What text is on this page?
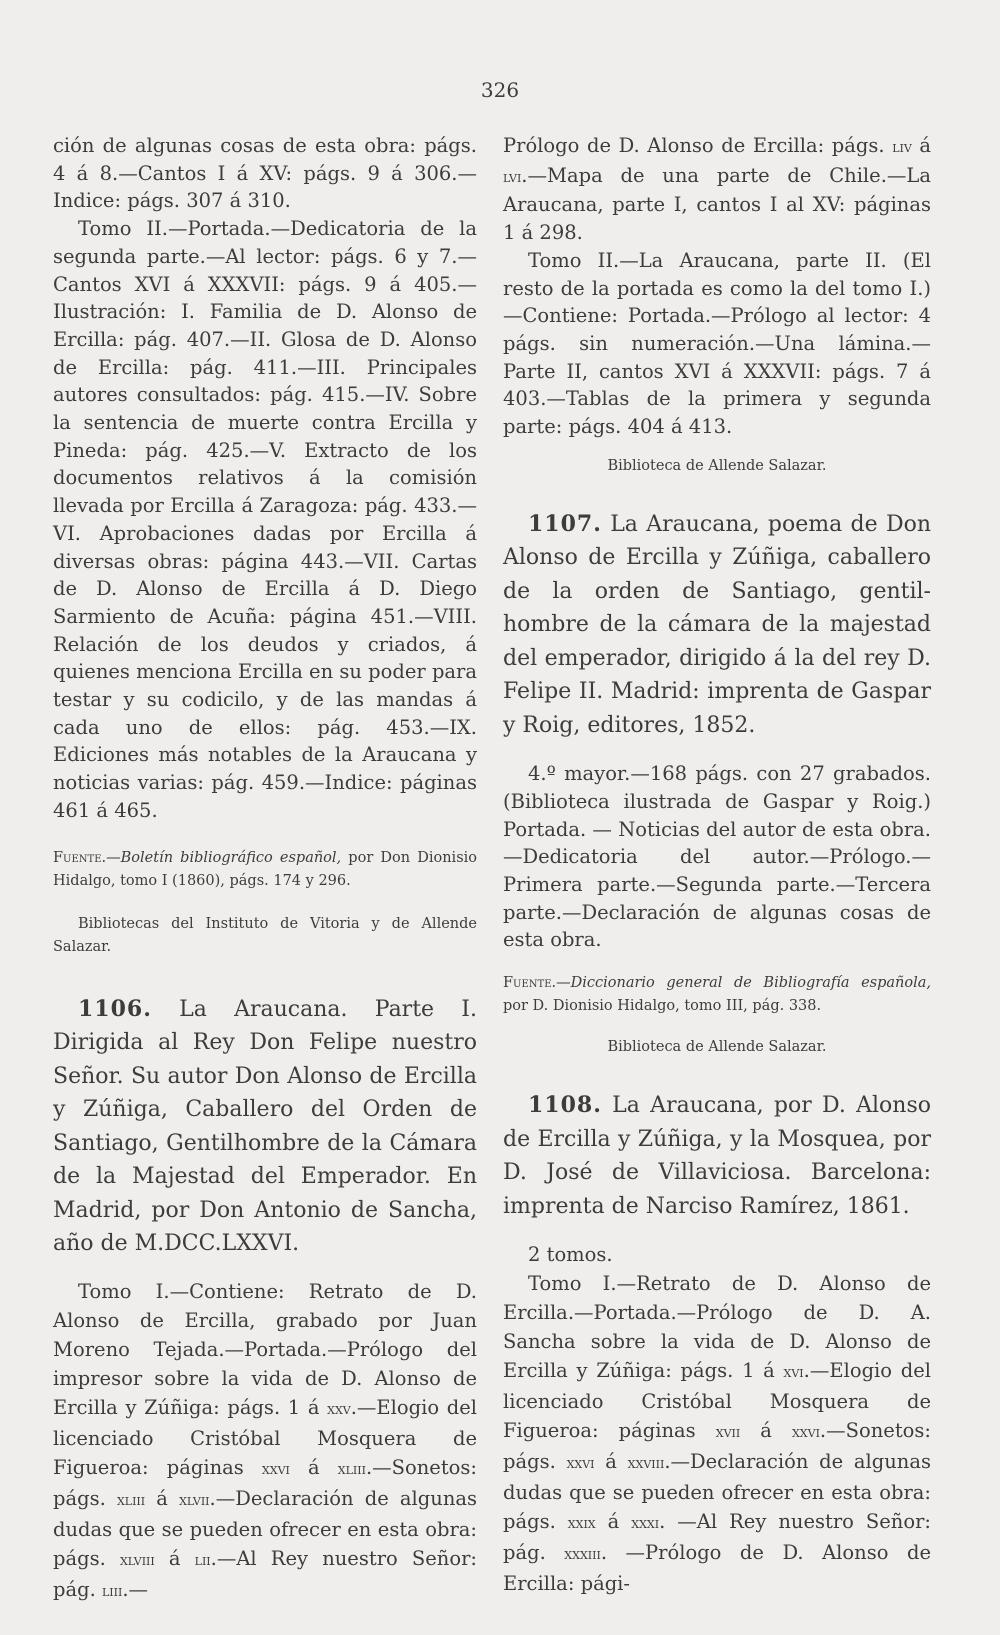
326

ción de algunas cosas de esta obra: págs. 4 á 8.—Cantos I á XV: págs. 9 á 306.—Indice: págs. 307 á 310.

Tomo II.—Portada.—Dedicatoria de la segunda parte.—Al lector: págs. 6 y 7.—Cantos XVI á XXXVII: págs. 9 á 405.—Ilustración: I. Familia de D. Alonso de Ercilla: pág. 407.—II. Glosa de D. Alonso de Ercilla: pág. 411.—III. Principales autores consultados: pág. 415.—IV. Sobre la sentencia de muerte contra Ercilla y Pineda: pág. 425.—V. Extracto de los documentos relativos á la comisión llevada por Ercilla á Zaragoza: pág. 433.—VI. Aprobaciones dadas por Ercilla á diversas obras: página 443.—VII. Cartas de D. Alonso de Ercilla á D. Diego Sarmiento de Acuña: página 451.—VIII. Relación de los deudos y criados, á quienes menciona Ercilla en su poder para testar y su codicilo, y de las mandas á cada uno de ellos: pág. 453.—IX. Ediciones más notables de la Araucana y noticias varias: pág. 459.—Indice: páginas 461 á 465.

Fuente.—Boletín bibliográfico español, por Don Dionisio Hidalgo, tomo I (1860), págs. 174 y 296.

Bibliotecas del Instituto de Vitoria y de Allende Salazar.

1106. La Araucana. Parte I. Dirigida al Rey Don Felipe nuestro Señor. Su autor Don Alonso de Ercilla y Zúñiga, Caballero del Orden de Santiago, Gentilhombre de la Cámara de la Majestad del Emperador. En Madrid, por Don Antonio de Sancha, año de M.DCC.LXXVI.

Tomo I.—Contiene: Retrato de D. Alonso de Ercilla, grabado por Juan Moreno Tejada.—Portada.—Prólogo del impresor sobre la vida de D. Alonso de Ercilla y Zúñiga: págs. 1 á xxv.—Elogio del licenciado Cristóbal Mosquera de Figueroa: páginas xxvi á xliii.—Sonetos: págs. xliii á xlvii.—Declaración de algunas dudas que se pueden ofrecer en esta obra: págs. xlviii á lii.—Al Rey nuestro Señor: pág. liii.—

Prólogo de D. Alonso de Ercilla: págs. liv á lvi.—Mapa de una parte de Chile.—La Araucana, parte I, cantos I al XV: páginas 1 á 298.

Tomo II.—La Araucana, parte II. (El resto de la portada es como la del tomo I.) —Contiene: Portada.—Prólogo al lector: 4 págs. sin numeración.—Una lámina.—Parte II, cantos XVI á XXXVII: págs. 7 á 403.—Tablas de la primera y segunda parte: págs. 404 á 413.

Biblioteca de Allende Salazar.

1107. La Araucana, poema de Don Alonso de Ercilla y Zúñiga, caballero de la orden de Santiago, gentil-hombre de la cámara de la majestad del emperador, dirigido á la del rey D. Felipe II. Madrid: imprenta de Gaspar y Roig, editores, 1852.

4.º mayor.—168 págs. con 27 grabados. (Biblioteca ilustrada de Gaspar y Roig.) Portada. — Noticias del autor de esta obra.—Dedicatoria del autor.—Prólogo.—Primera parte.—Segunda parte.—Tercera parte.—Declaración de algunas cosas de esta obra.

Fuente.—Diccionario general de Bibliografía española, por D. Dionisio Hidalgo, tomo III, pág. 338.

Biblioteca de Allende Salazar.

1108. La Araucana, por D. Alonso de Ercilla y Zúñiga, y la Mosquea, por D. José de Villaviciosa. Barcelona: imprenta de Narciso Ramírez, 1861.

2 tomos.

Tomo I.—Retrato de D. Alonso de Ercilla.—Portada.—Prólogo de D. A. Sancha sobre la vida de D. Alonso de Ercilla y Zúñiga: págs. 1 á xvi.—Elogio del licenciado Cristóbal Mosquera de Figueroa: páginas xvii á xxvi.—Sonetos: págs. xxvi á xxviii.—Declaración de algunas dudas que se pueden ofrecer en esta obra: págs. xxix á xxxi. —Al Rey nuestro Señor: pág. xxxiii. —Prólogo de D. Alonso de Ercilla: pági-
